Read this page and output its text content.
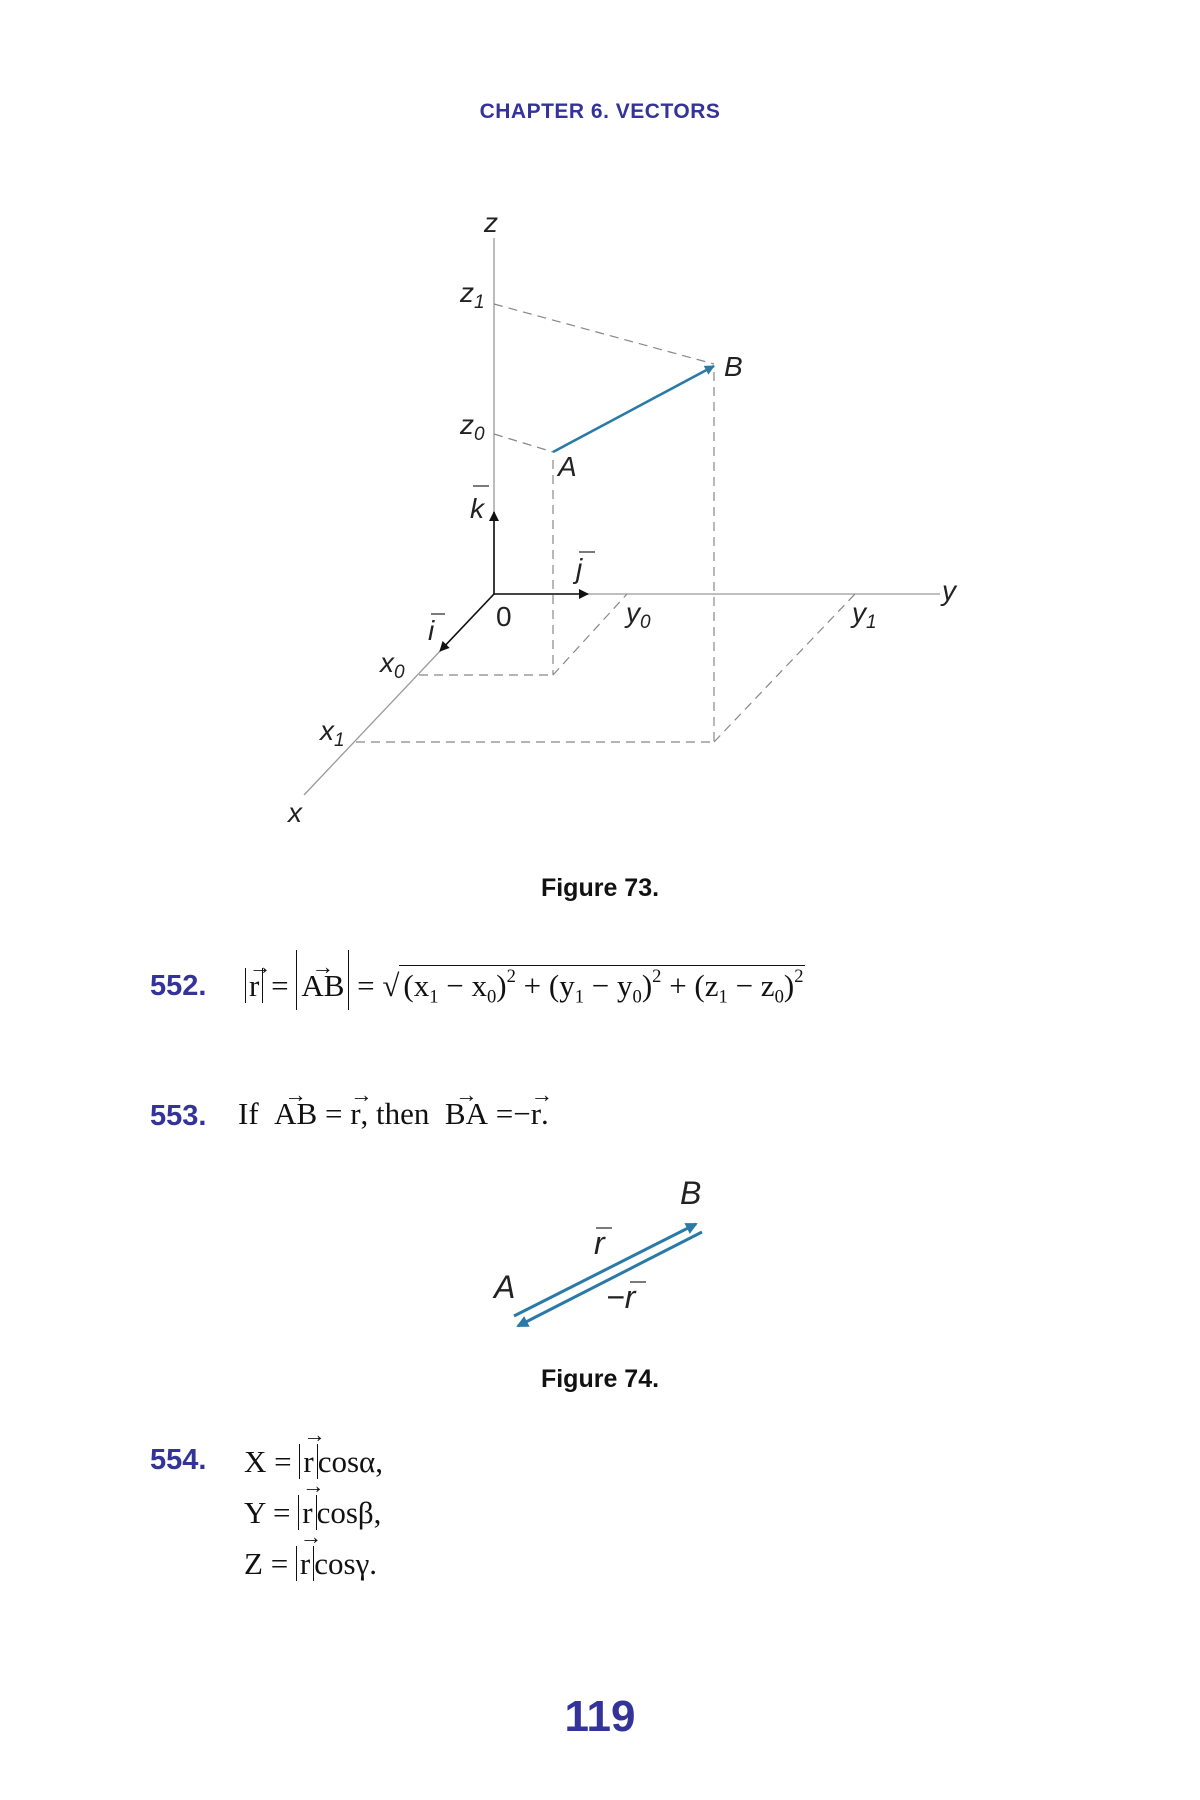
CHAPTER 6. VECTORS
z
$z_1$
$z_0$
B
A
k
j
i 0	$y_0$	$y_1$
y
$x_0$
$x_1$
x
Figure 73.
552. → r = → AB = √ $(x_1 - x_0)^2 + (y_1 - y_0)^2 + (z_1 - z_0)^2$
553. If → AB = → r, then → BA =−→ r.
B
A
r
−r
Figure 74.
554. X = → r cosα,
Y = → r cosβ,
Z = → r cosγ.
119
